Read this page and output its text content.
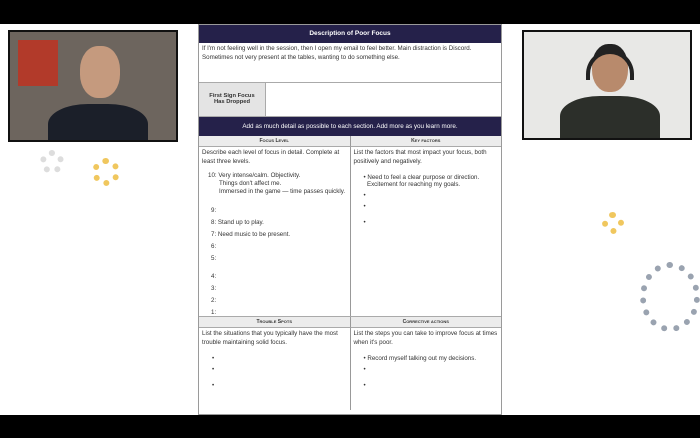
Description of Poor Focus
If I'm not feeling well in the session, then I open my email to feel better. Main distraction is Discord. Sometimes not very present at the tables, wanting to do something else.
First Sign Focus Has Dropped
Add as much detail as possible to each section. Add more as you learn more.
Focus Level	Key factors
Describe each level of focus in detail. Complete at least three levels.
10: Very intense/calm. Objectivity.
Things don't affect me.
Immersed in the game — time passes quickly.
9:
8: Stand up to play.
7: Need music to be present.
6:
5:
4:
3:
2:
1:
List the factors that most impact your focus, both positively and negatively.
• Need to feel a clear purpose or direction.
Excitement for reaching my goals.
•
•
•
Trouble Spots	Corrective actions
List the situations that you typically have the most trouble maintaining solid focus.
•
•
•
List the steps you can take to improve focus at times when it's poor.
• Record myself talking out my decisions.
•
•
